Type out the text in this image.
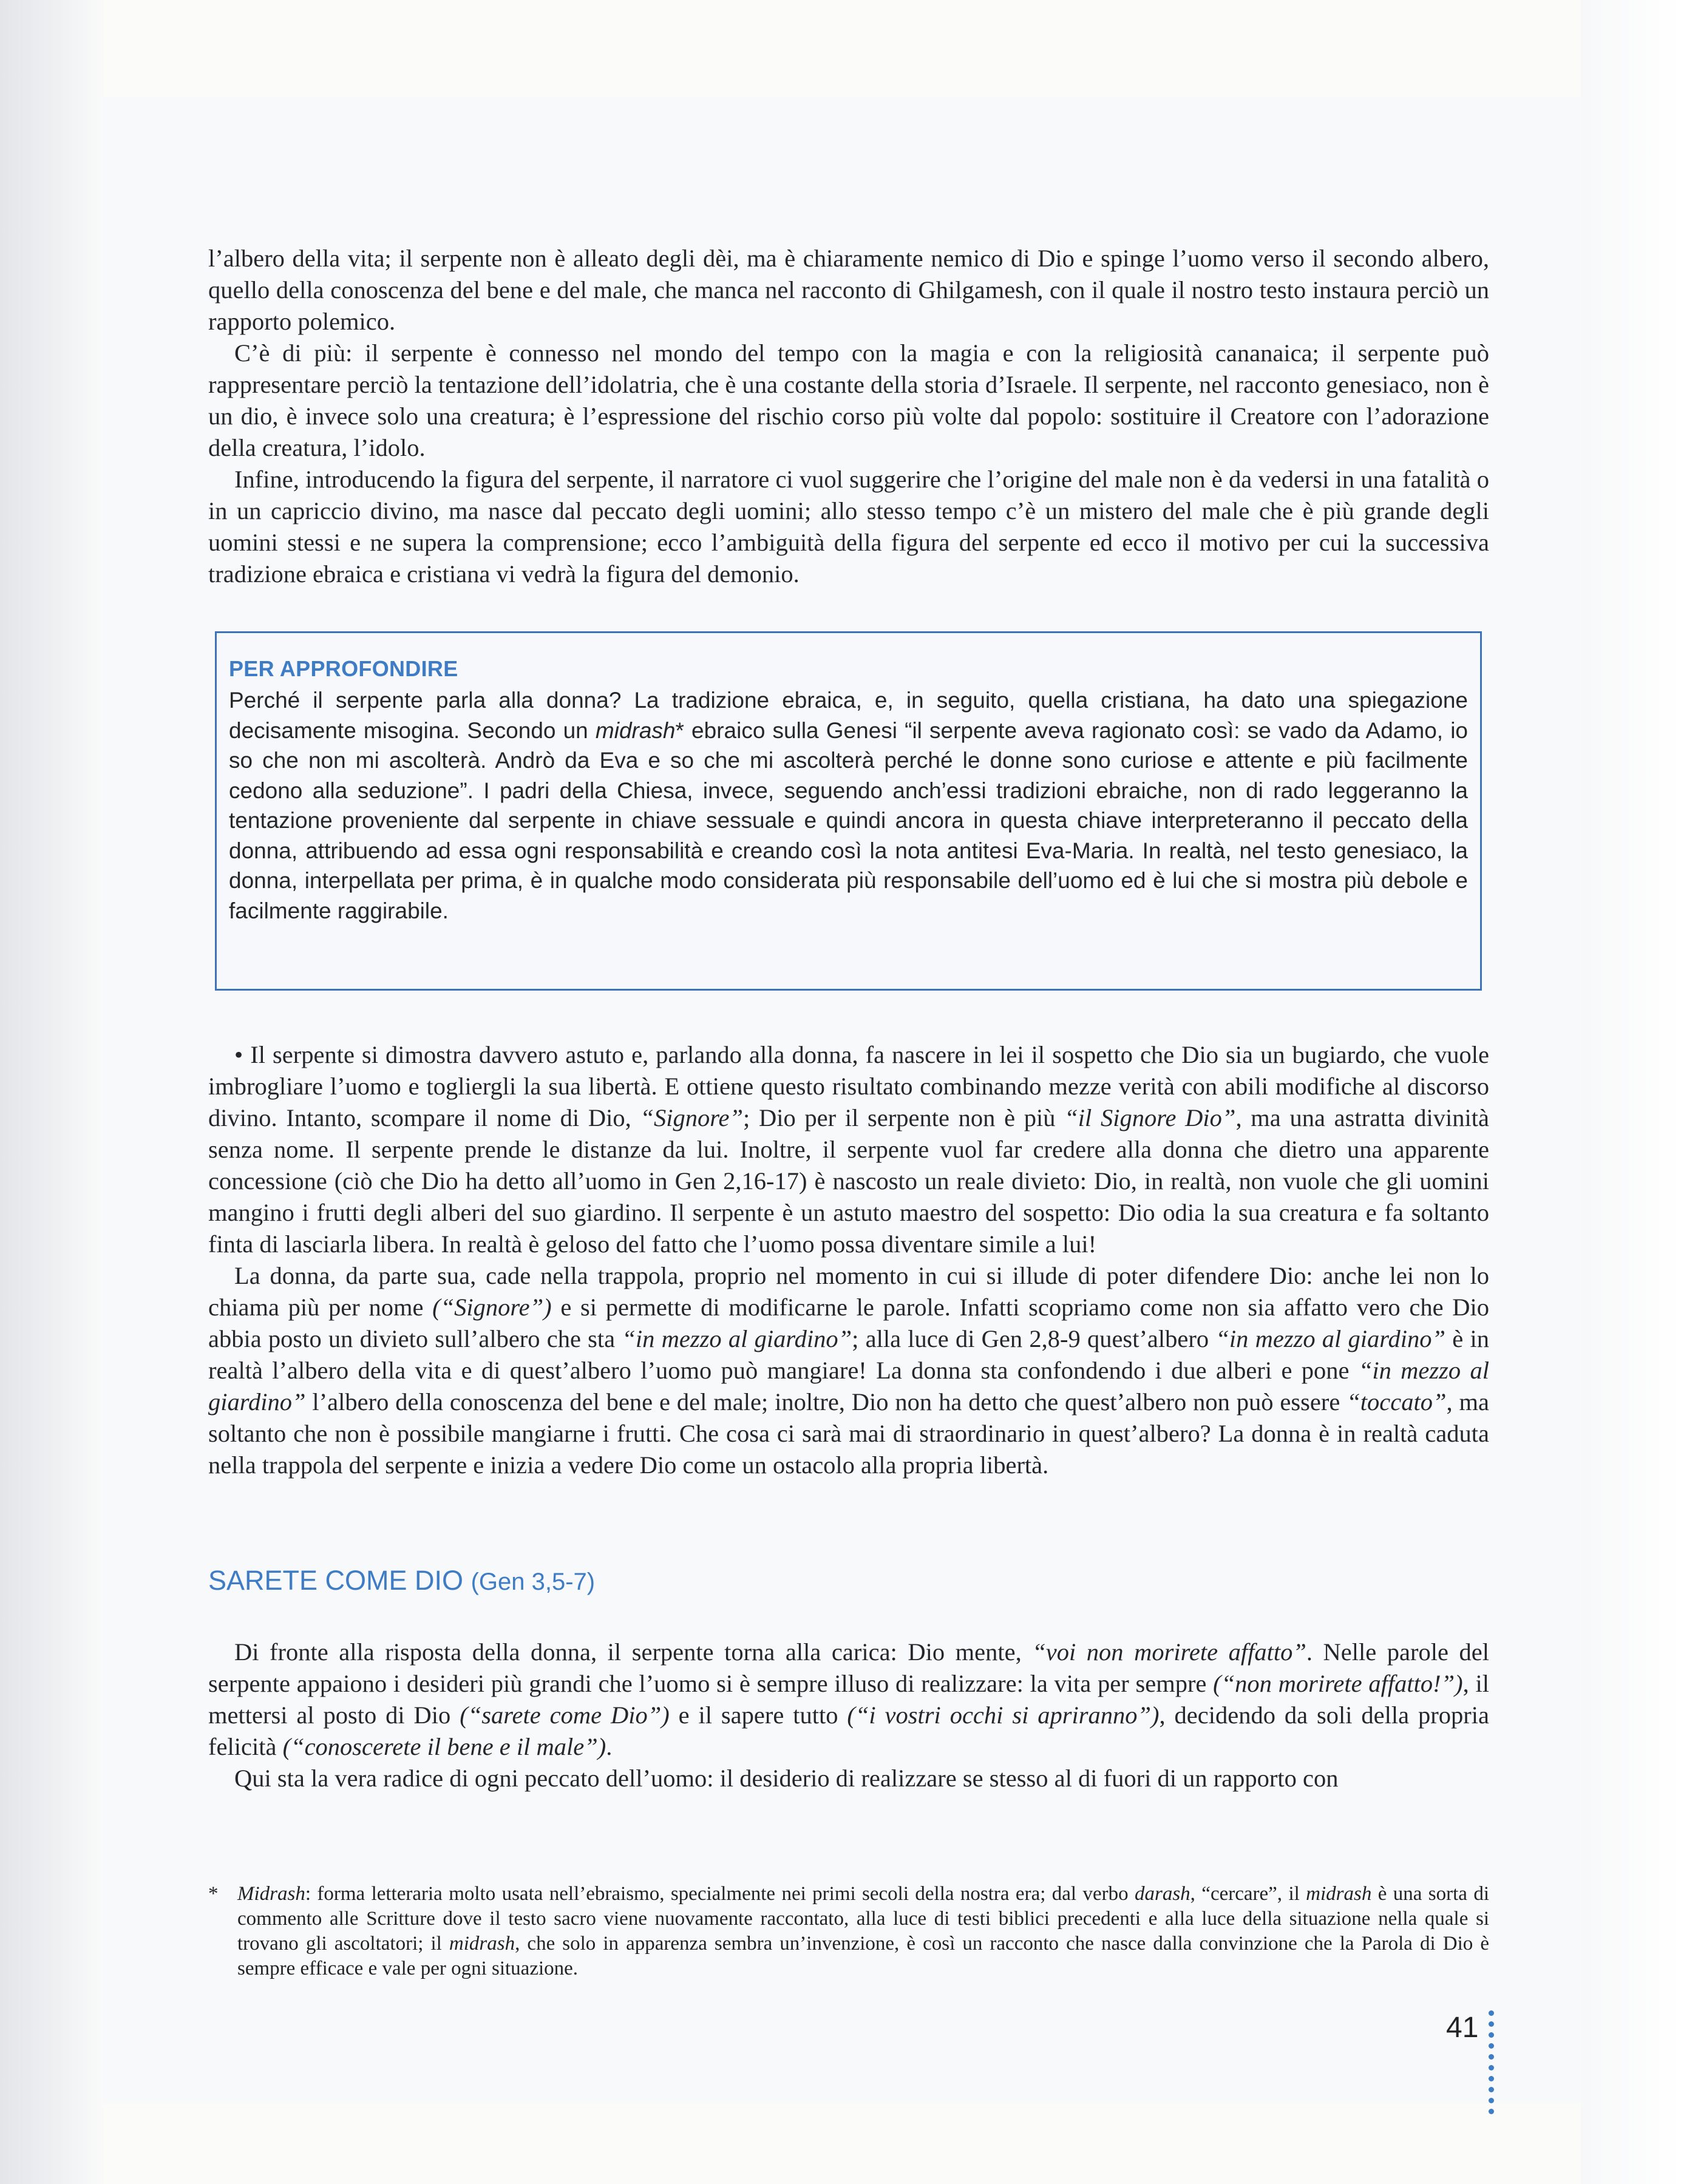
l’albero della vita; il serpente non è alleato degli dèi, ma è chiaramente nemico di Dio e spinge l’uomo verso il secondo albero, quello della conoscenza del bene e del male, che manca nel racconto di Ghilgamesh, con il quale il nostro testo instaura perciò un rapporto polemico.

C’è di più: il serpente è connesso nel mondo del tempo con la magia e con la religiosità cananaica; il serpente può rappresentare perciò la tentazione dell’idolatria, che è una costante della storia d’Israele. Il serpente, nel racconto genesiaco, non è un dio, è invece solo una creatura; è l’espressione del rischio corso più volte dal popolo: sostituire il Creatore con l’adorazione della creatura, l’idolo.

Infine, introducendo la figura del serpente, il narratore ci vuol suggerire che l’origine del male non è da vedersi in una fatalità o in un capriccio divino, ma nasce dal peccato degli uomini; allo stesso tempo c’è un mistero del male che è più grande degli uomini stessi e ne supera la comprensione; ecco l’ambiguità della figura del serpente ed ecco il motivo per cui la successiva tradizione ebraica e cristiana vi vedrà la figura del demonio.

PER APPROFONDIRE
Perché il serpente parla alla donna? La tradizione ebraica, e, in seguito, quella cristiana, ha dato una spiegazione decisamente misogina. Secondo un midrash* ebraico sulla Genesi “il serpente aveva ragionato così: se vado da Adamo, io so che non mi ascolterà. Andrò da Eva e so che mi ascolterà perché le donne sono curiose e attente e più facilmente cedono alla seduzione”. I padri della Chiesa, invece, seguendo anch’essi tradizioni ebraiche, non di rado leggeranno la tentazione proveniente dal serpente in chiave sessuale e quindi ancora in questa chiave interpreteranno il peccato della donna, attribuendo ad essa ogni responsabilità e creando così la nota antitesi Eva-Maria. In realtà, nel testo genesiaco, la donna, interpellata per prima, è in qualche modo considerata più responsabile dell’uomo ed è lui che si mostra più debole e facilmente raggirabile.

• Il serpente si dimostra davvero astuto e, parlando alla donna, fa nascere in lei il sospetto che Dio sia un bugiardo, che vuole imbrogliare l’uomo e togliergli la sua libertà. E ottiene questo risultato combinando mezze verità con abili modifiche al discorso divino. Intanto, scompare il nome di Dio, “Signore”; Dio per il serpente non è più “il Signore Dio”, ma una astratta divinità senza nome. Il serpente prende le distanze da lui. Inoltre, il serpente vuol far credere alla donna che dietro una apparente concessione (ciò che Dio ha detto all’uomo in Gen 2,16-17) è nascosto un reale divieto: Dio, in realtà, non vuole che gli uomini mangino i frutti degli alberi del suo giardino. Il serpente è un astuto maestro del sospetto: Dio odia la sua creatura e fa soltanto finta di lasciarla libera. In realtà è geloso del fatto che l’uomo possa diventare simile a lui!

La donna, da parte sua, cade nella trappola, proprio nel momento in cui si illude di poter difendere Dio: anche lei non lo chiama più per nome (“Signore”) e si permette di modificarne le parole. Infatti scopriamo come non sia affatto vero che Dio abbia posto un divieto sull’albero che sta “in mezzo al giardino”; alla luce di Gen 2,8-9 quest’albero “in mezzo al giardino” è in realtà l’albero della vita e di quest’albero l’uomo può mangiare! La donna sta confondendo i due alberi e pone “in mezzo al giardino” l’albero della conoscenza del bene e del male; inoltre, Dio non ha detto che quest’albero non può essere “toccato”, ma soltanto che non è possibile mangiarne i frutti. Che cosa ci sarà mai di straordinario in quest’albero? La donna è in realtà caduta nella trappola del serpente e inizia a vedere Dio come un ostacolo alla propria libertà.

SARETE COME DIO (Gen 3,5-7)

Di fronte alla risposta della donna, il serpente torna alla carica: Dio mente, “voi non morirete affatto”. Nelle parole del serpente appaiono i desideri più grandi che l’uomo si è sempre illuso di realizzare: la vita per sempre (“non morirete affatto!”), il mettersi al posto di Dio (“sarete come Dio”) e il sapere tutto (“i vostri occhi si apriranno”), decidendo da soli della propria felicità (“conoscerete il bene e il male”).

Qui sta la vera radice di ogni peccato dell’uomo: il desiderio di realizzare se stesso al di fuori di un rapporto con

* Midrash: forma letteraria molto usata nell’ebraismo, specialmente nei primi secoli della nostra era; dal verbo darash, “cercare”, il midrash è una sorta di commento alle Scritture dove il testo sacro viene nuovamente raccontato, alla luce di testi biblici precedenti e alla luce della situazione nella quale si trovano gli ascoltatori; il midrash, che solo in apparenza sembra un’invenzione, è così un racconto che nasce dalla convinzione che la Parola di Dio è sempre efficace e vale per ogni situazione.
41
